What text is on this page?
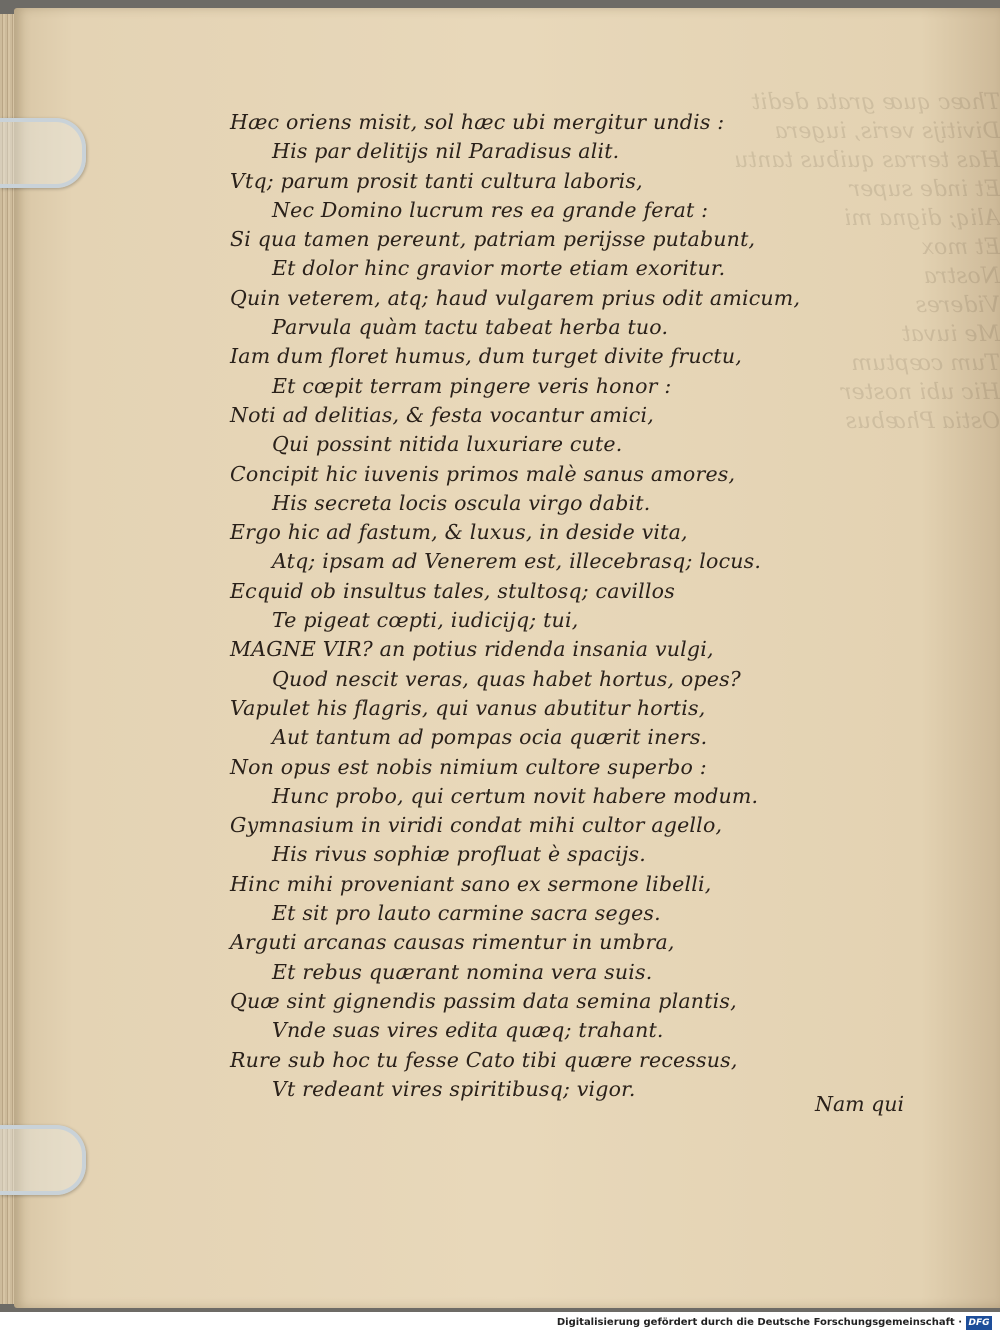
Thæc quæ grata dedit
Divitijs veris, iugera
Has terras quibus tantu
Et inde super
Aliq; digna mi
Et mox
Nostra
Videres
Me iuvat
Tum cœptum
Hic ubi noster
Ostia Phæbus
Hæc oriens misit, sol hæc ubi mergitur undis :
His par delitijs nil Paradisus alit.
Vtq; parum prosit tanti cultura laboris,
Nec Domino lucrum res ea grande ferat :
Si qua tamen pereunt, patriam perijsse putabunt,
Et dolor hinc gravior morte etiam exoritur.
Quin veterem, atq; haud vulgarem prius odit amicum,
Parvula quàm tactu tabeat herba tuo.
Iam dum floret humus, dum turget divite fructu,
Et cœpit terram pingere veris honor :
Noti ad delitias, & festa vocantur amici,
Qui possint nitida luxuriare cute.
Concipit hic iuvenis primos malè sanus amores,
His secreta locis oscula virgo dabit.
Ergo hic ad fastum, & luxus, in deside vita,
Atq; ipsam ad Venerem est, illecebrasq; locus.
Ecquid ob insultus tales, stultosq; cavillos
Te pigeat cœpti, iudicijq; tui,
MAGNE VIR? an potius ridenda insania vulgi,
Quod nescit veras, quas habet hortus, opes?
Vapulet his flagris, qui vanus abutitur hortis,
Aut tantum ad pompas ocia quærit iners.
Non opus est nobis nimium cultore superbo :
Hunc probo, qui certum novit habere modum.
Gymnasium in viridi condat mihi cultor agello,
His rivus sophiæ profluat è spacijs.
Hinc mihi proveniant sano ex sermone libelli,
Et sit pro lauto carmine sacra seges.
Arguti arcanas causas rimentur in umbra,
Et rebus quærant nomina vera suis.
Quæ sint gignendis passim data semina plantis,
Vnde suas vires edita quæq; trahant.
Rure sub hoc tu fesse Cato tibi quære recessus,
Vt redeant vires spiritibusq; vigor.
Nam qui
Digitalisierung gefördert durch die Deutsche Forschungsgemeinschaft · DFG
